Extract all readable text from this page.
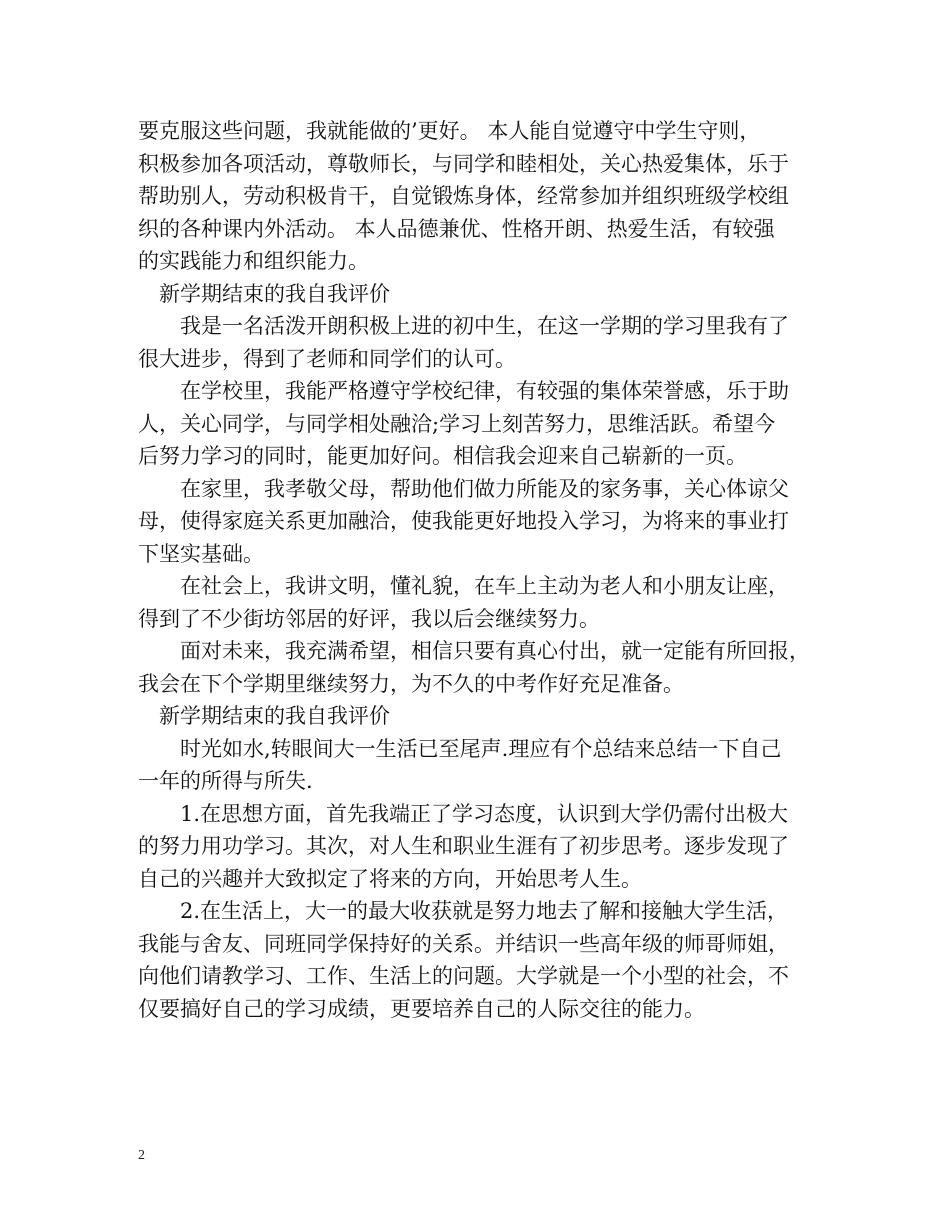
要克服这些问题，我就能做的’更好。 本人能自觉遵守中学生守则，
积极参加各项活动，尊敬师长，与同学和睦相处，关心热爱集体，乐于
帮助别人，劳动积极肯干，自觉锻炼身体，经常参加并组织班级学校组
织的各种课内外活动。 本人品德兼优、性格开朗、热爱生活，有较强
的实践能力和组织能力。
新学期结束的我自我评价
我是一名活泼开朗积极上进的初中生，在这一学期的学习里我有了
很大进步，得到了老师和同学们的认可。
在学校里，我能严格遵守学校纪律，有较强的集体荣誉感，乐于助
人，关心同学，与同学相处融洽;学习上刻苦努力，思维活跃。希望今
后努力学习的同时，能更加好问。相信我会迎来自己崭新的一页。
在家里，我孝敬父母，帮助他们做力所能及的家务事，关心体谅父
母，使得家庭关系更加融洽，使我能更好地投入学习，为将来的事业打
下坚实基础。
在社会上，我讲文明，懂礼貌，在车上主动为老人和小朋友让座，
得到了不少街坊邻居的好评，我以后会继续努力。
面对未来，我充满希望，相信只要有真心付出，就一定能有所回报，
我会在下个学期里继续努力，为不久的中考作好充足准备。
新学期结束的我自我评价
时光如水,转眼间大一生活已至尾声.理应有个总结来总结一下自己
一年的所得与所失.
1.在思想方面，首先我端正了学习态度，认识到大学仍需付出极大
的努力用功学习。其次，对人生和职业生涯有了初步思考。逐步发现了
自己的兴趣并大致拟定了将来的方向，开始思考人生。
2.在生活上，大一的最大收获就是努力地去了解和接触大学生活，
我能与舍友、同班同学保持好的关系。并结识一些高年级的师哥师姐，
向他们请教学习、工作、生活上的问题。大学就是一个小型的社会，不
仅要搞好自己的学习成绩，更要培养自己的人际交往的能力。
2
